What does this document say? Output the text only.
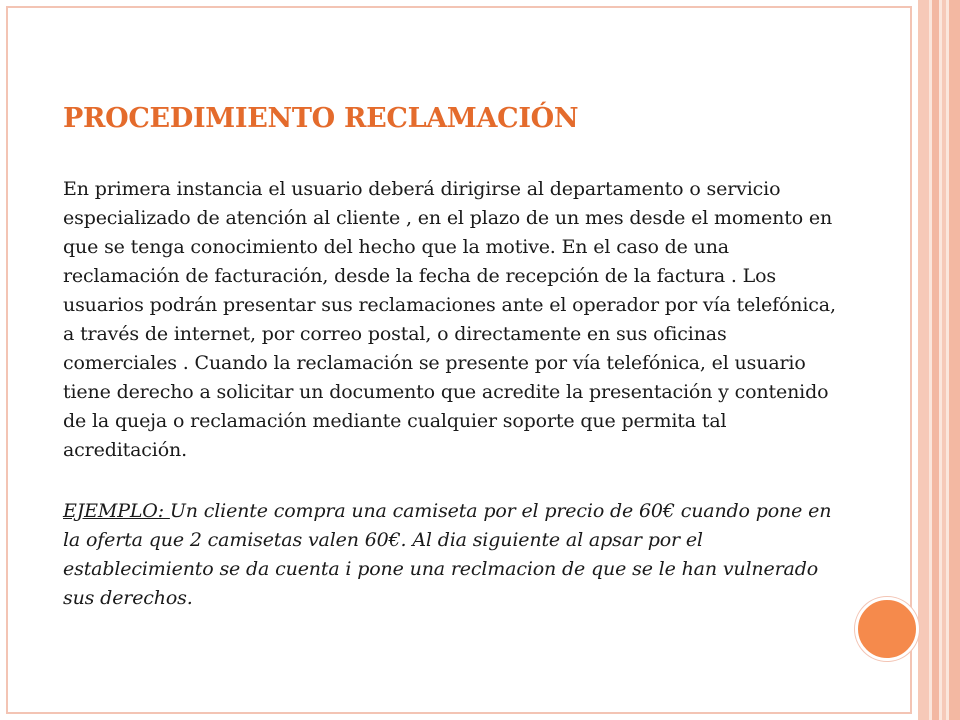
PROCEDIMIENTO RECLAMACIÓN

En primera instancia el usuario deberá dirigirse al departamento o servicio especializado de atención al cliente , en el plazo de un mes desde el momento en que se tenga conocimiento del hecho que la motive. En el caso de una reclamación de facturación, desde la fecha de recepción de la factura . Los usuarios podrán presentar sus reclamaciones ante el operador por vía telefónica, a través de internet, por correo postal, o directamente en sus oficinas comerciales . Cuando la reclamación se presente por vía telefónica, el usuario tiene derecho a solicitar un documento que acredite la presentación y contenido de la queja o reclamación mediante cualquier soporte que permita tal acreditación.

EJEMPLO: Un cliente compra una camiseta por el precio de 60€ cuando pone en la oferta que 2 camisetas valen 60€. Al dia siguiente al apsar por el establecimiento se da cuenta i pone una reclmacion de que se le han vulnerado sus derechos.
